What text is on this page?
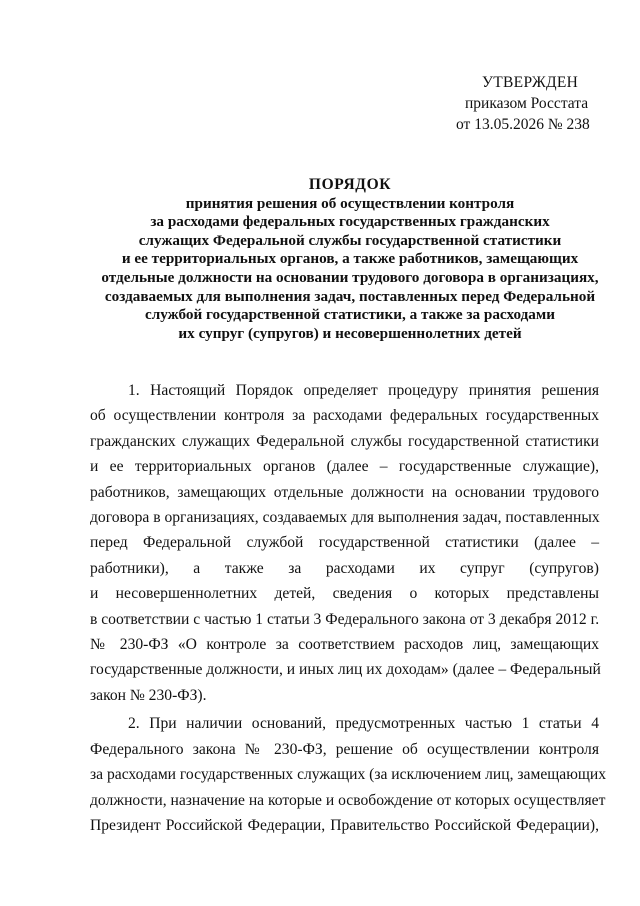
УТВЕРЖДЕН
приказом Росстата
от 13.05.2026 № 238
ПОРЯДОК
принятия решения об осуществлении контроля
за расходами федеральных государственных гражданских
служащих Федеральной службы государственной статистики
и ее территориальных органов, а также работников, замещающих
отдельные должности на основании трудового договора в организациях,
создаваемых для выполнения задач, поставленных перед Федеральной
службой государственной статистики, а также за расходами
их супруг (супругов) и несовершеннолетних детей
1. Настоящий Порядок определяет процедуру принятия решения
об осуществлении контроля за расходами федеральных государственных
гражданских служащих Федеральной службы государственной статистики
и ее территориальных органов (далее – государственные служащие),
работников, замещающих отдельные должности на основании трудового
договора в организациях, создаваемых для выполнения задач, поставленных
перед Федеральной службой государственной статистики (далее –
работники), а также за расходами их супруг (супругов)
и несовершеннолетних детей, сведения о которых представлены
в соответствии с частью 1 статьи 3 Федерального закона от 3 декабря 2012 г.
№ 230-ФЗ «О контроле за соответствием расходов лиц, замещающих
государственные должности, и иных лиц их доходам» (далее – Федеральный
закон № 230-ФЗ).
2. При наличии оснований, предусмотренных частью 1 статьи 4
Федерального закона № 230-ФЗ, решение об осуществлении контроля
за расходами государственных служащих (за исключением лиц, замещающих
должности, назначение на которые и освобождение от которых осуществляет
Президент Российской Федерации, Правительство Российской Федерации),
